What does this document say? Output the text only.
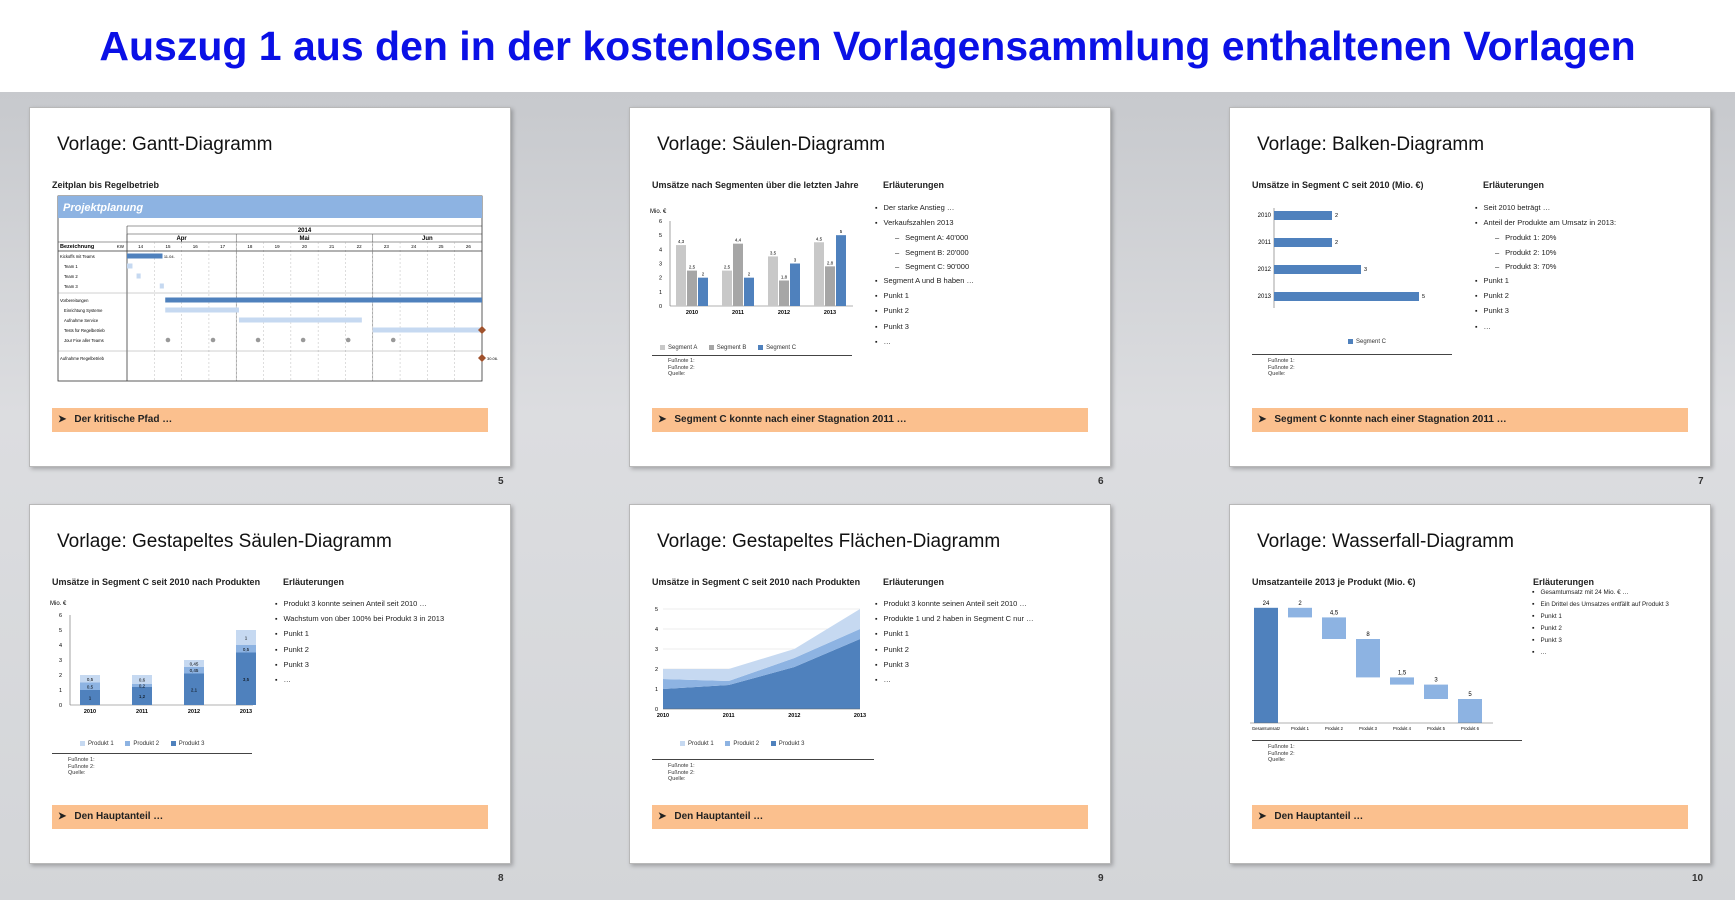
Auszug 1 aus den in der kostenlosen Vorlagensammlung enthaltenen Vorlagen
Vorlage: Gantt-Diagramm
Zeitplan bis Regelbetrieb
Projektplanung
2014
Apr	Mai	Jun
Bezeichnung	KW	14	15	16	17	18	19	20	21	22	23	24	25	26
Kickoffs mit Teams
Team 1
Team 2
Team 3
Vorbereitungen
Einrichtung Systeme
Aufnahme Service
Tests für Regelbetrieb
Jour Fixe aller Teams
Aufnahme Regelbetrieb
11.04.
30.06.
➤ Der kritische Pfad …
5
Vorlage: Säulen-Diagramm
Umsätze nach Segmenten über die letzten Jahre	Erläuterungen
Mio. €
0
1
2
3
4
5
6
4,3
2,5
2
2010
2,5
4,4
2
2011
3,5
1,8
3
2012
4,5
2,8
5
2013
Segment A	Segment B	Segment C
Fußnote 1:
Fußnote 2:
Quelle:
▪ Der starke Anstieg …
▪ Verkaufszahlen 2013
– Segment A: 40'000
– Segment B: 20'000
– Segment C: 90'000
▪ Segment A und B haben …
▪ Punkt 1
▪ Punkt 2
▪ Punkt 3
▪ …
➤ Segment C konnte nach einer Stagnation 2011 …
6
Vorlage: Balken-Diagramm
Umsätze in Segment C seit 2010 (Mio. €)	Erläuterungen
2010	2
2011	2
2012	3
2013	5
Segment C
Fußnote 1:
Fußnote 2:
Quelle:
▪ Seit 2010 beträgt …
▪ Anteil der Produkte am Umsatz in 2013:
– Produkt 1: 20%
– Produkt 2: 10%
– Produkt 3: 70%
▪ Punkt 1
▪ Punkt 2
▪ Punkt 3
▪ …
➤ Segment C konnte nach einer Stagnation 2011 …
7
Vorlage: Gestapeltes Säulen-Diagramm
Umsätze in Segment C seit 2010 nach Produkten	Erläuterungen
Mio. €
0
1
2
3
4
5
6
1
0,5
0,5
2010
1,2
0,2
0,6
2011
2,1
0,45
0,45
2012
3,5
0,5
1
2013
Produkt 1	Produkt 2	Produkt 3
Fußnote 1:
Fußnote 2:
Quelle:
▪ Produkt 3 konnte seinen Anteil seit 2010 …
▪ Wachstum von über 100% bei Produkt 3 in 2013
▪ Punkt 1
▪ Punkt 2
▪ Punkt 3
▪ …
➤ Den Hauptanteil …
8
Vorlage: Gestapeltes Flächen-Diagramm
Umsätze in Segment C seit 2010 nach Produkten	Erläuterungen
0
1
2
3
4
5
2010	2011	2012	2013
Produkt 1	Produkt 2	Produkt 3
Fußnote 1:
Fußnote 2:
Quelle:
▪ Produkt 3 konnte seinen Anteil seit 2010 …
▪ Produkte 1 und 2 haben in Segment C nur …
▪ Punkt 1
▪ Punkt 2
▪ Punkt 3
▪ …
➤ Den Hauptanteil …
9
Vorlage: Wasserfall-Diagramm
Umsatzanteile 2013 je Produkt (Mio. €)	Erläuterungen
24
Gesamtumsatz
2
Produkt 1
4,5
Produkt 2
8
Produkt 3
1,5
Produkt 4
3
Produkt 5
5
Produkt 6
Fußnote 1:
Fußnote 2:
Quelle:
▪ Gesamtumsatz mit 24 Mio. € …
▪ Ein Drittel des Umsatzes entfällt auf Produkt 3
▪ Punkt 1
▪ Punkt 2
▪ Punkt 3
▪ …
➤ Den Hauptanteil …
10
